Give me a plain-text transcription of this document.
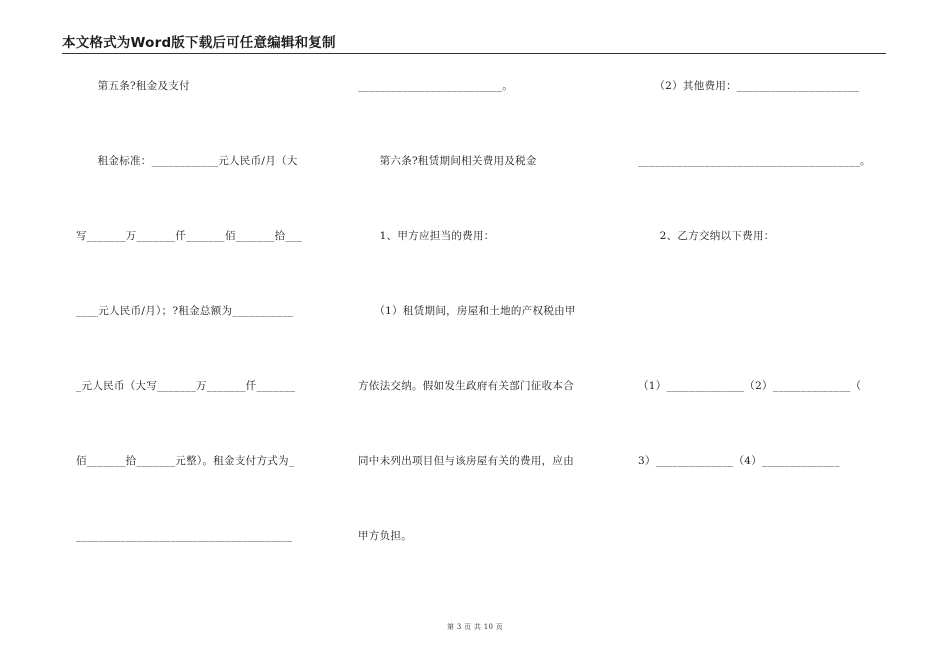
本文格式为Word版下载后可任意编辑和复制
　　第五条?租金及支付
　　租金标准：____________元人民币/月（大
写_______万_______仟_______佰_______拾___
____元人民币/月）；?租金总额为___________
_元人民币（大写_______万_______仟_______
佰_______拾_______元整）。租金支付方式为_
_______________________________________
__________________________。
　　第六条?租赁期间相关费用及税金
　　1、甲方应担当的费用：
　　（1）租赁期间，房屋和土地的产权税由甲
方依法交纳。假如发生政府有关部门征收本合
同中未列出项目但与该房屋有关的费用，应由
甲方负担。
　　（2）其他费用：______________________
________________________________________。
　　2、乙方交纳以下费用：
（1）______________（2）______________（
3）______________（4）______________
第 3 页 共 10 页
